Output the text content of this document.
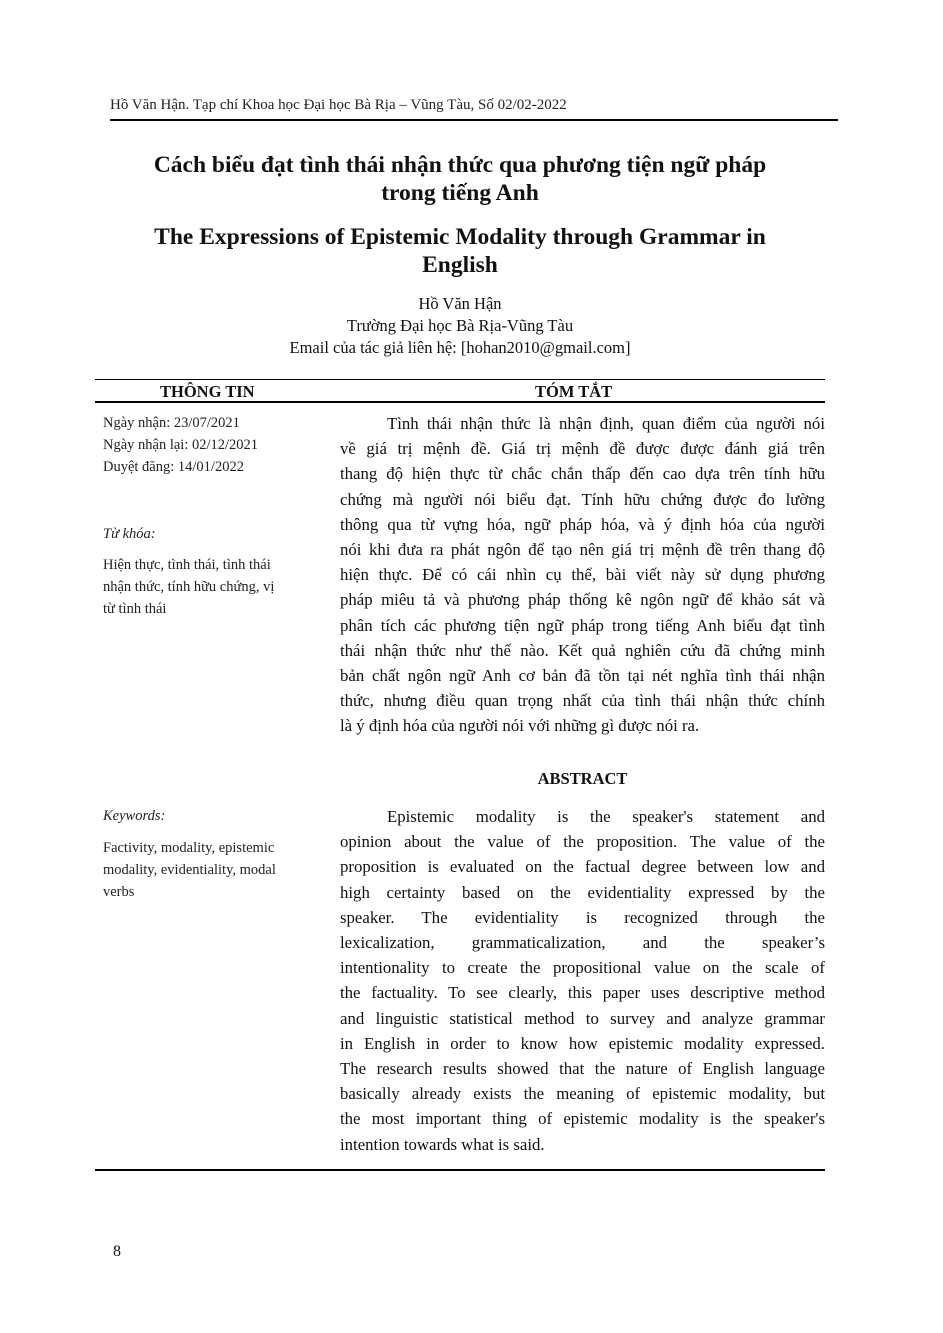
Hồ Văn Hận. Tạp chí Khoa học Đại học Bà Rịa – Vũng Tàu, Số 02/02-2022
Cách biểu đạt tình thái nhận thức qua phương tiện ngữ pháp
trong tiếng Anh
The Expressions of Epistemic Modality through Grammar in
English
Hồ Văn Hận
Trường Đại học Bà Rịa-Vũng Tàu
Email của tác giả liên hệ: [hohan2010@gmail.com]
THÔNG TIN	TÓM TẮT
Ngày nhận: 23/07/2021
Ngày nhận lại: 02/12/2021
Duyệt đăng: 14/01/2022
Từ khóa:
Hiện thực, tình thái, tình thái
nhận thức, tính hữu chứng, vị
từ tình thái
Keywords:
Factivity, modality, epistemic
modality, evidentiality, modal
verbs
Tình thái nhận thức là nhận định, quan điểm của người nói
về giá trị mệnh đề. Giá trị mệnh đề được được đánh giá trên
thang độ hiện thực từ chắc chắn thấp đến cao dựa trên tính hữu
chứng mà người nói biểu đạt. Tính hữu chứng được đo lường
thông qua từ vựng hóa, ngữ pháp hóa, và ý định hóa của người
nói khi đưa ra phát ngôn để tạo nên giá trị mệnh đề trên thang độ
hiện thực. Để có cái nhìn cụ thể, bài viết này sử dụng phương
pháp miêu tả và phương pháp thống kê ngôn ngữ để khảo sát và
phân tích các phương tiện ngữ pháp trong tiếng Anh biểu đạt tình
thái nhận thức như thế nào. Kết quả nghiên cứu đã chứng minh
bản chất ngôn ngữ Anh cơ bản đã tồn tại nét nghĩa tình thái nhận
thức, nhưng điều quan trọng nhất của tình thái nhận thức chính
là ý định hóa của người nói với những gì được nói ra.
ABSTRACT
Epistemic modality is the speaker's statement and
opinion about the value of the proposition. The value of the
proposition is evaluated on the factual degree between low and
high certainty based on the evidentiality expressed by the
speaker. The evidentiality is recognized through the
lexicalization, grammaticalization, and the speaker’s
intentionality to create the propositional value on the scale of
the factuality. To see clearly, this paper uses descriptive method
and linguistic statistical method to survey and analyze grammar
in English in order to know how epistemic modality expressed.
The research results showed that the nature of English language
basically already exists the meaning of epistemic modality, but
the most important thing of epistemic modality is the speaker's
intention towards what is said.
8
